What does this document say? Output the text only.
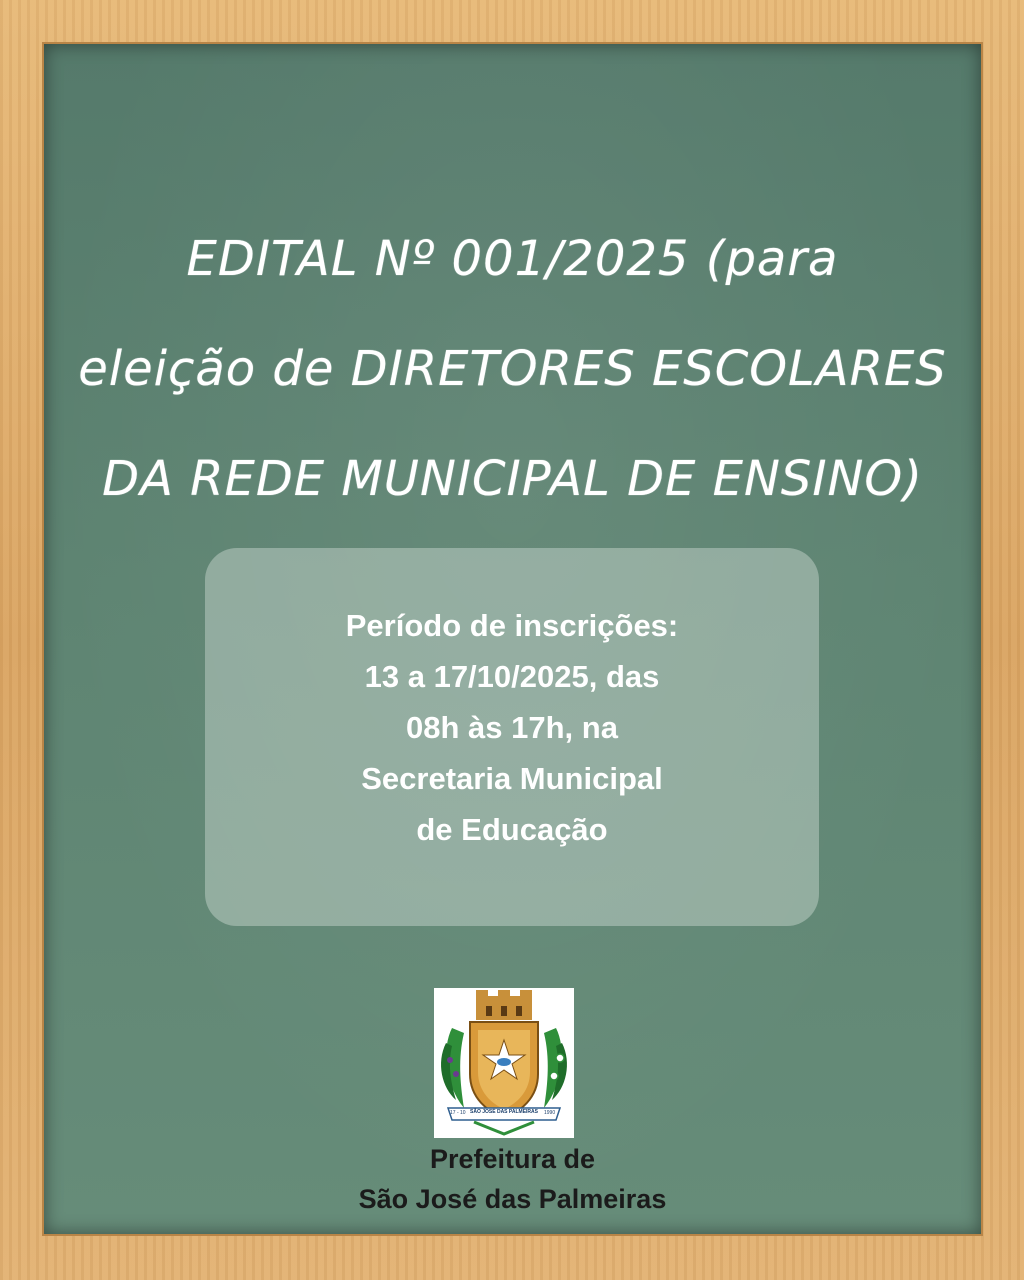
EDITAL Nº 001/2025 (para
eleição de DIRETORES ESCOLARES
DA REDE MUNICIPAL DE ENSINO)

Período de inscrições:
13 a 17/10/2025, das
08h às 17h, na
Secretaria Municipal
de Educação

SÃO JOSÉ DAS PALMEIRAS
17 - 10	1990

Prefeitura de
São José das Palmeiras
